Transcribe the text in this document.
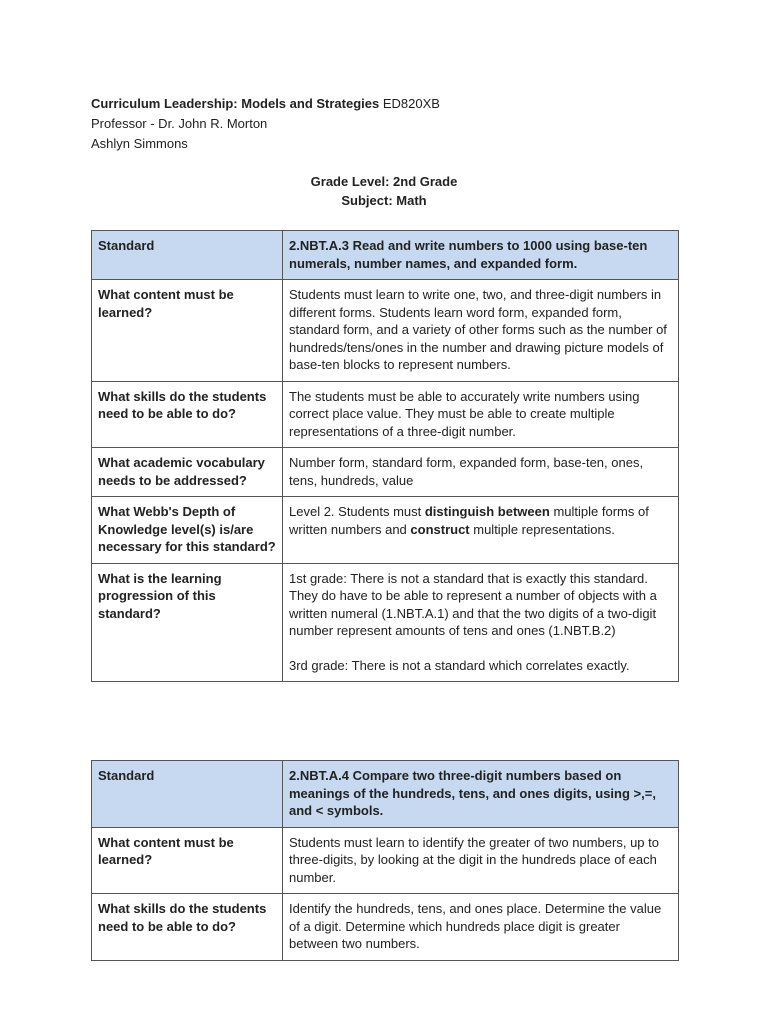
Curriculum Leadership: Models and Strategies ED820XB
Professor - Dr. John R. Morton
Ashlyn Simmons
Grade Level: 2nd Grade
Subject: Math
Standard	2.NBT.A.3 Read and write numbers to 1000 using base-ten numerals, number names, and expanded form.
What content must be learned?	Students must learn to write one, two, and three-digit numbers in different forms. Students learn word form, expanded form, standard form, and a variety of other forms such as the number of hundreds/tens/ones in the number and drawing picture models of base-ten blocks to represent numbers.
What skills do the students need to be able to do?	The students must be able to accurately write numbers using correct place value. They must be able to create multiple representations of a three-digit number.
What academic vocabulary needs to be addressed?	Number form, standard form, expanded form, base-ten, ones, tens, hundreds, value
What Webb's Depth of Knowledge level(s) is/are necessary for this standard?	Level 2. Students must distinguish between multiple forms of written numbers and construct multiple representations.
What is the learning progression of this standard?	1st grade: There is not a standard that is exactly this standard. They do have to be able to represent a number of objects with a written numeral (1.NBT.A.1) and that the two digits of a two-digit number represent amounts of tens and ones (1.NBT.B.2)

3rd grade: There is not a standard which correlates exactly.

Standard	2.NBT.A.4 Compare two three-digit numbers based on meanings of the hundreds, tens, and ones digits, using >,=, and < symbols.
What content must be learned?	Students must learn to identify the greater of two numbers, up to three-digits, by looking at the digit in the hundreds place of each number.
What skills do the students need to be able to do?	Identify the hundreds, tens, and ones place. Determine the value of a digit. Determine which hundreds place digit is greater between two numbers.
